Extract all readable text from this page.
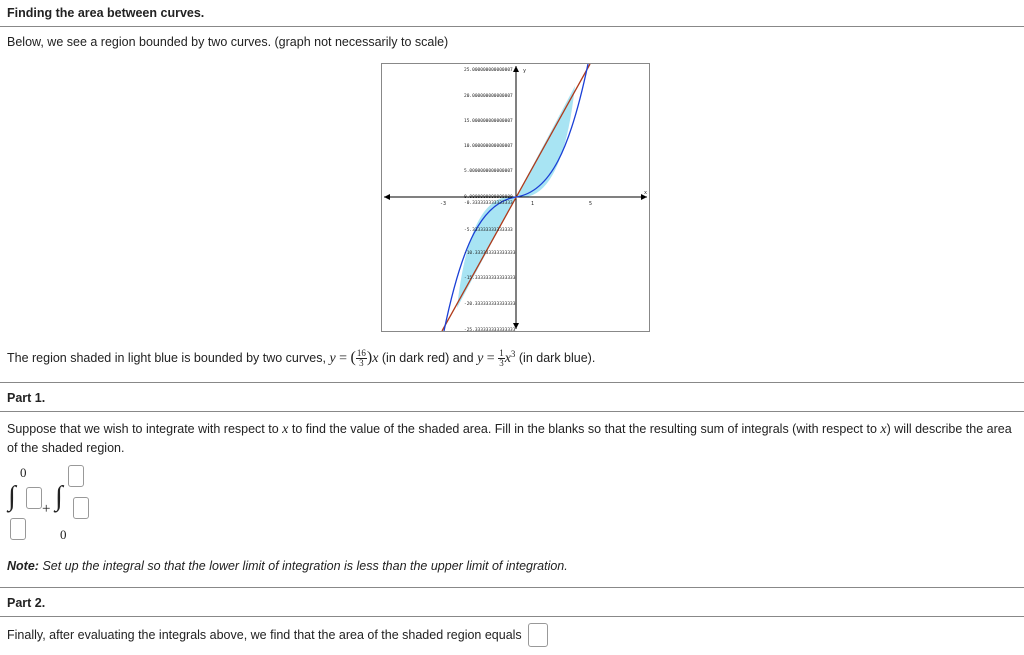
Finding the area between curves.
Below, we see a region bounded by two curves. (graph not necessarily to scale)
25.000000000000007
20.000000000000007
15.000000000000007
10.000000000000007
5.0000000000000007
0.0000000000000000
-0.333333333333333
-5.333333333333333
-10.333333333333333
-15.333333333333333
-20.333333333333333
-25.333333333333333
-3	1	5
x
y
The region shaded in light blue is bounded by two curves, y = ( $\frac{16}{3} )x$ (in dark red) and $y = \frac{1}{3} x^3$ (in dark blue).
Part 1.
Suppose that we wish to integrate with respect to x to find the value of the shaded area. Fill in the blanks so that the resulting sum of integrals (with respect to x) will describe the area of the shaded region.
0
∫ + ∫
0
Note: Set up the integral so that the lower limit of integration is less than the upper limit of integration.
Part 2.
Finally, after evaluating the integrals above, we find that the area of the shaded region equals
